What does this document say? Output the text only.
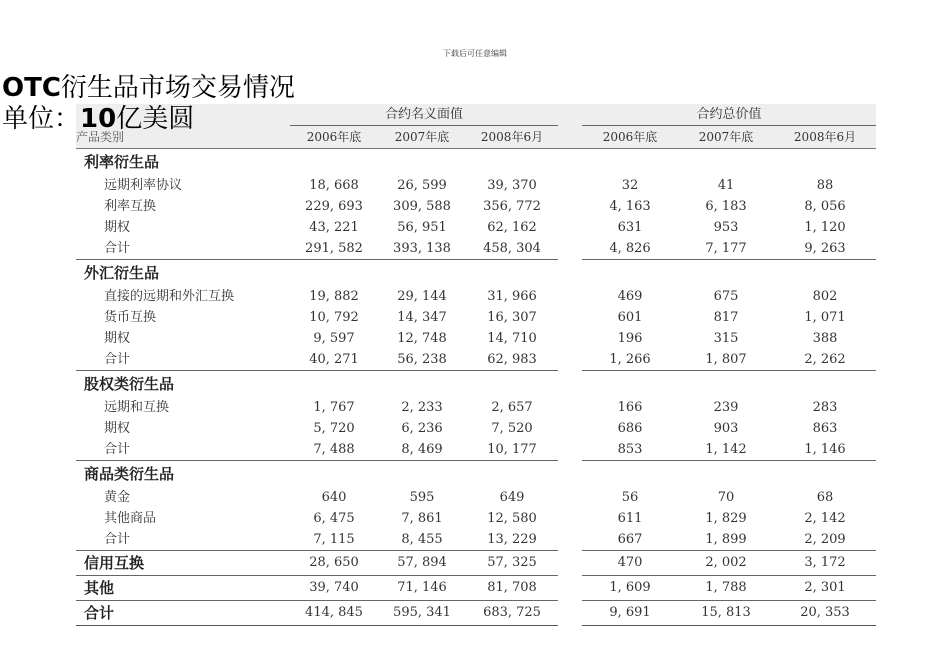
下载后可任意编辑
OTC衍生品市场交易情况
单位：10亿美圆
产品类别	合约名义面值				合约总价值		
	2006年底	2007年底	2008年6月		2006年底	2007年底	2008年6月
利率衍生品							
远期利率协议	18, 668	26, 599	39, 370		32	41	88
利率互换	229, 693	309, 588	356, 772		4, 163	6, 183	8, 056
期权	43, 221	56, 951	62, 162		631	953	1, 120
合计	291, 582	393, 138	458, 304		4, 826	7, 177	9, 263
外汇衍生品							
直接的远期和外汇互换	19, 882	29, 144	31, 966		469	675	802
货币互换	10, 792	14, 347	16, 307		601	817	1, 071
期权	9, 597	12, 748	14, 710		196	315	388
合计	40, 271	56, 238	62, 983		1, 266	1, 807	2, 262
股权类衍生品							
远期和互换	1, 767	2, 233	2, 657		166	239	283
期权	5, 720	6, 236	7, 520		686	903	863
合计	7, 488	8, 469	10, 177		853	1, 142	1, 146
商品类衍生品							
黄金	640	595	649		56	70	68
其他商品	6, 475	7, 861	12, 580		611	1, 829	2, 142
合计	7, 115	8, 455	13, 229		667	1, 899	2, 209
信用互换	28, 650	57, 894	57, 325		470	2, 002	3, 172
其他	39, 740	71, 146	81, 708		1, 609	1, 788	2, 301
合计	414, 845	595, 341	683, 725		9, 691	15, 813	20, 353
